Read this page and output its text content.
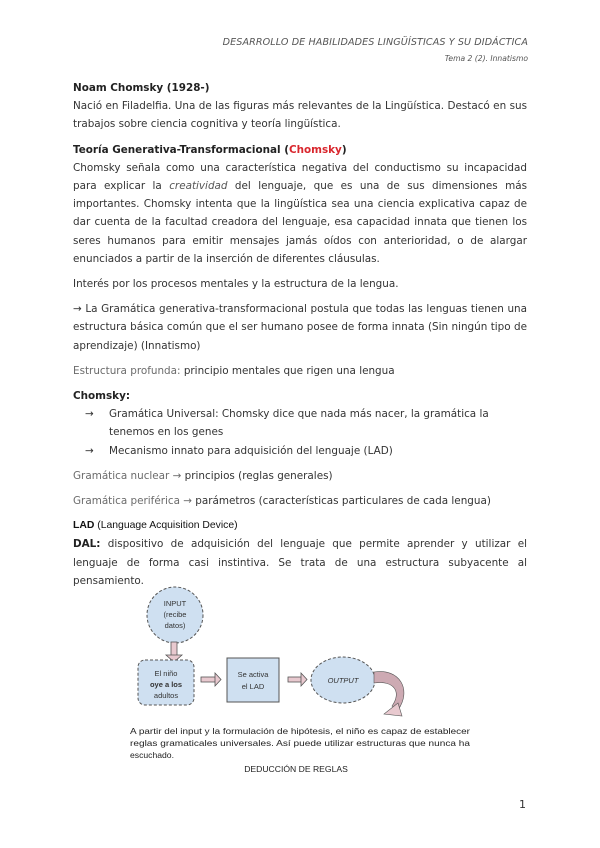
DESARROLLO DE HABILIDADES LINGÜÍSTICAS Y SU DIDÁCTICA
Tema 2 (2). Innatismo

Noam Chomsky (1928-)

Nació en Filadelfia. Una de las figuras más relevantes de la Lingüística. Destacó en sus trabajos sobre ciencia cognitiva y teoría lingüística.

Teoría Generativa-Transformacional (Chomsky)

Chomsky señala como una característica negativa del conductismo su incapacidad para explicar la creatividad del lenguaje, que es una de sus dimensiones más importantes. Chomsky intenta que la lingüística sea una ciencia explicativa capaz de dar cuenta de la facultad creadora del lenguaje, esa capacidad innata que tienen los seres humanos para emitir mensajes jamás oídos con anterioridad, o de alargar enunciados a partir de la inserción de diferentes cláusulas.

Interés por los procesos mentales y la estructura de la lengua.

→ La Gramática generativa-transformacional postula que todas las lenguas tienen una estructura básica común que el ser humano posee de forma innata (Sin ningún tipo de aprendizaje) (Innatismo)

Estructura profunda: principio mentales que rigen una lengua

Chomsky:

→ Gramática Universal: Chomsky dice que nada más nacer, la gramática la tenemos en los genes
→ Mecanismo innato para adquisición del lenguaje (LAD)

Gramática nuclear → principios (reglas generales)

Gramática periférica → parámetros (características particulares de cada lengua)

LAD (Language Acquisition Device)

DAL: dispositivo de adquisición del lenguaje que permite aprender y utilizar el lenguaje de forma casi instintiva. Se trata de una estructura subyacente al pensamiento.

INPUT
(recibe
datos)
El niño
oye a los
adultos
Se activa
el LAD
OUTPUT
A partir del input y la formulación de hipótesis, el niño es capaz de establecer
reglas gramaticales universales. Así puede utilizar estructuras que nunca ha
escuchado.
DEDUCCIÓN DE REGLAS
1
